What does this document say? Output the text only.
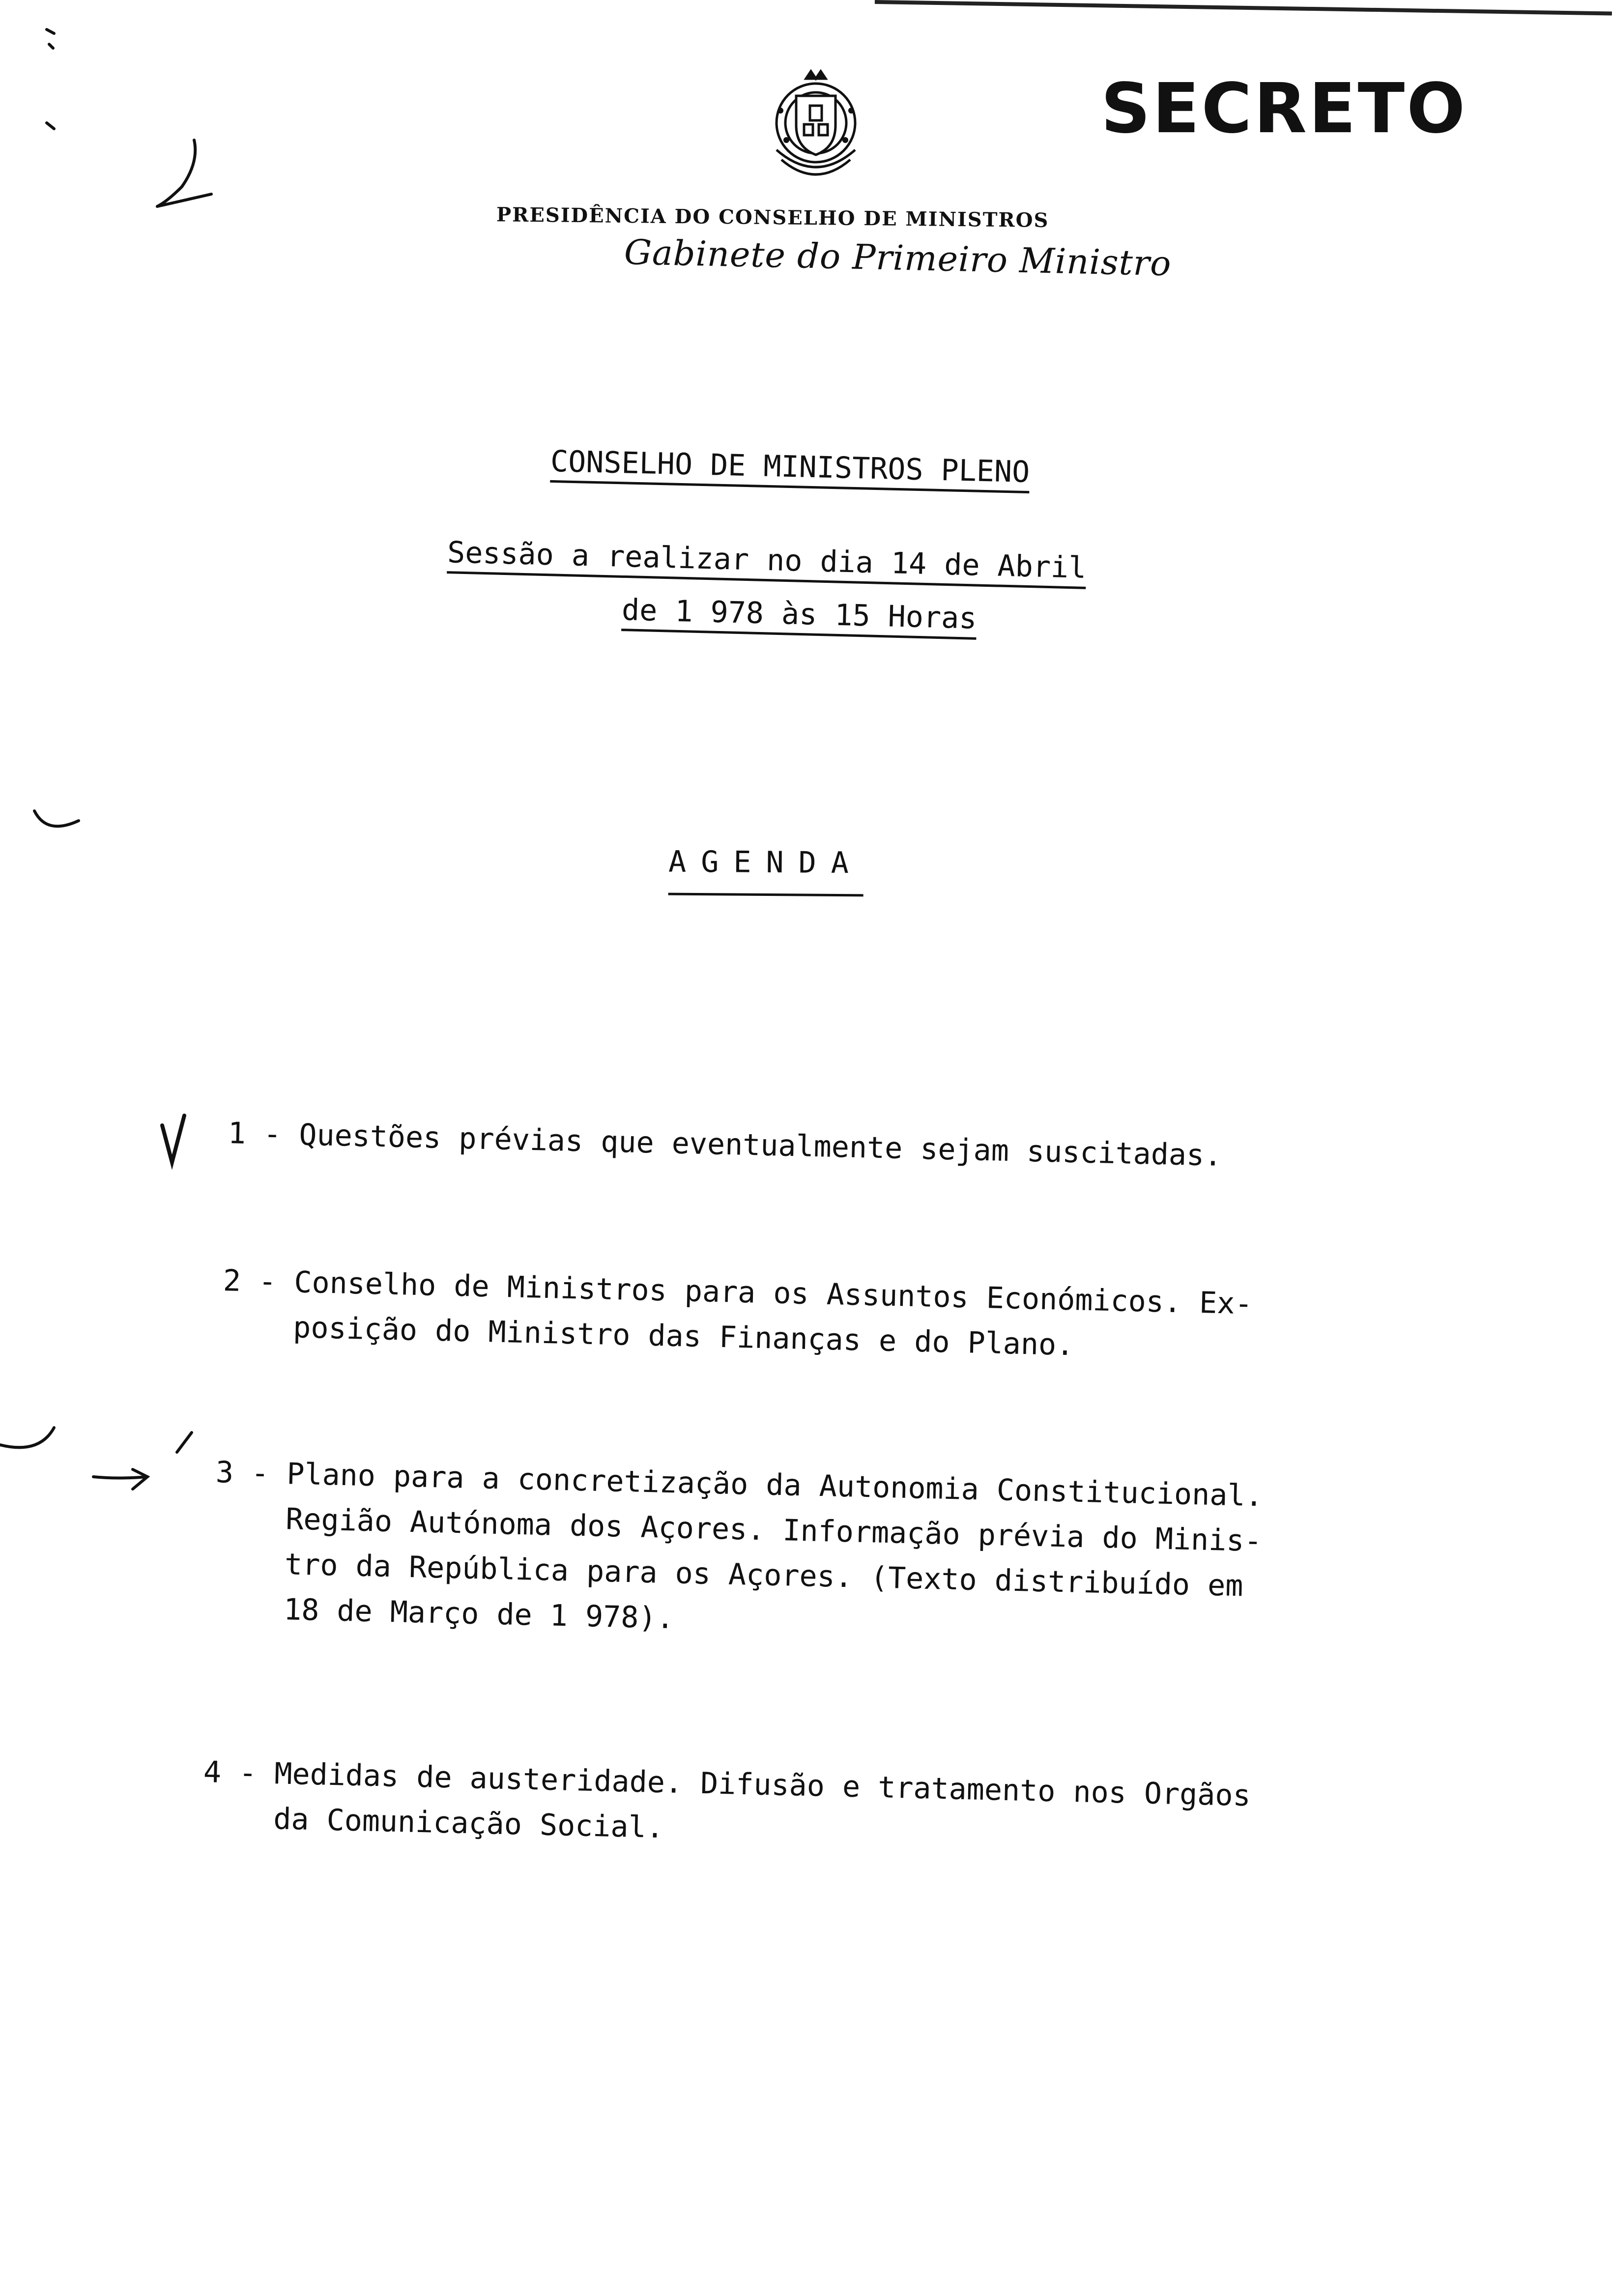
SECRETO
PRESIDÊNCIA DO CONSELHO DE MINISTROS
Gabinete do Primeiro Ministro
CONSELHO DE MINISTROS PLENO
Sessão a realizar no dia 14 de Abril
de 1 978 às 15 Horas
AGENDA
1 - Questões prévias que eventualmente sejam suscitadas.
2 - Conselho de Ministros para os Assuntos Económicos. Ex-
posição do Ministro das Finanças e do Plano.
3 - Plano para a concretização da Autonomia Constitucional.
Região Autónoma dos Açores. Informação prévia do Minis-
tro da República para os Açores. (Texto distribuído em
18 de Março de 1 978).
4 - Medidas de austeridade. Difusão e tratamento nos Orgãos
da Comunicação Social.
